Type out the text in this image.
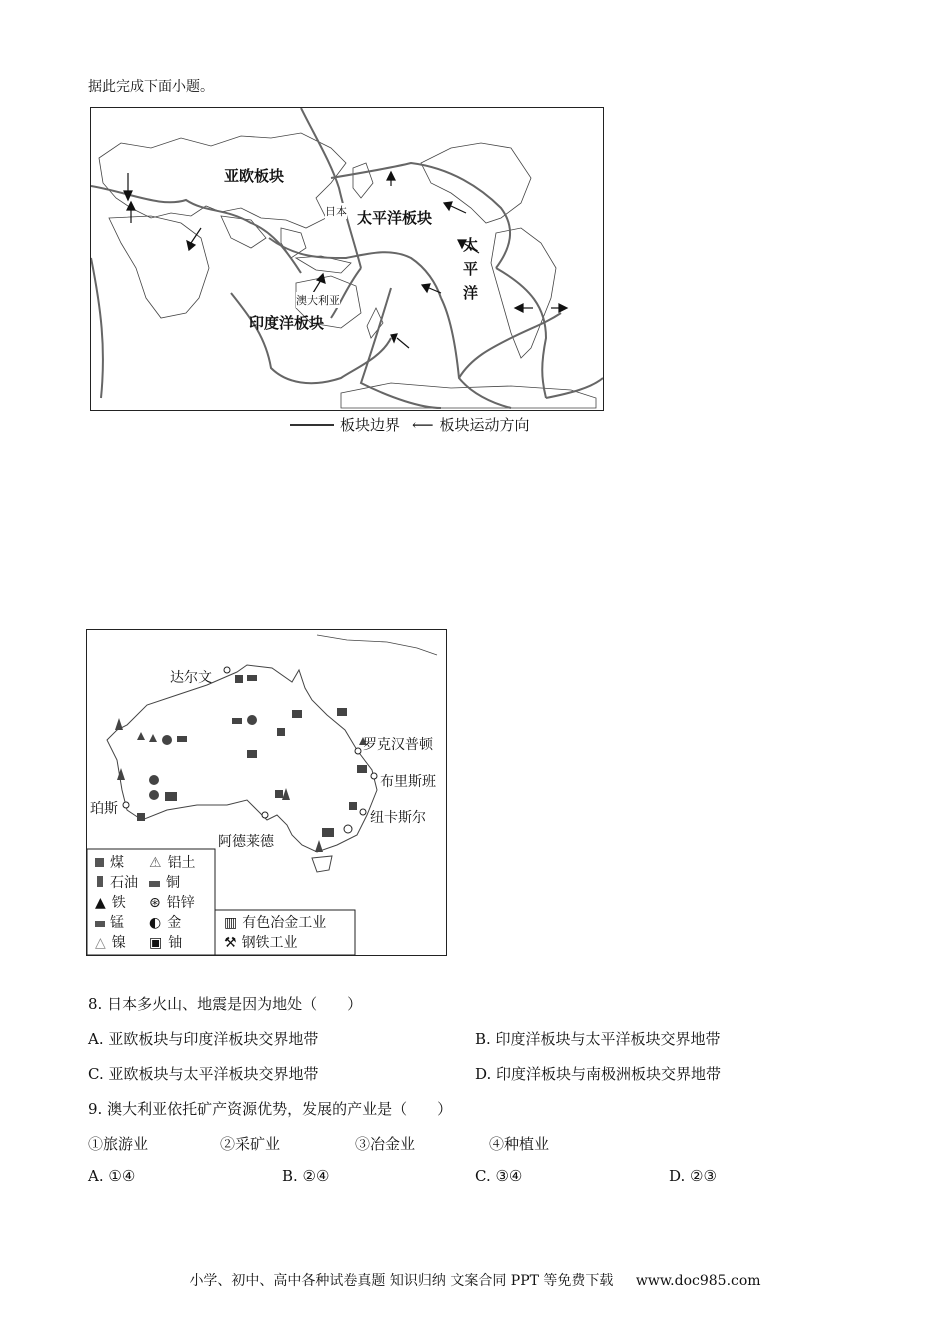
据此完成下面小题。
亚欧板块
太平洋板块
印度洋板块
日本
澳大利亚
太
平
洋
板块边界 ⟵ 板块运动方向
达尔文
罗克汉普顿
布里斯班
珀斯
纽卡斯尔
阿德莱德
煤
石油
▲ 铁
锰
△ 镍
⚠ 铝土
铜
⊛ 铅锌
◐ 金
▣ 铀
▥ 有色冶金工业
⚒ 钢铁工业
8. 日本多火山、地震是因为地处（　　）
A. 亚欧板块与印度洋板块交界地带	B. 印度洋板块与太平洋板块交界地带
C. 亚欧板块与太平洋板块交界地带	D. 印度洋板块与南极洲板块交界地带
9. 澳大利亚依托矿产资源优势，发展的产业是（　　）
①旅游业	②采矿业	③冶金业	④种植业
A. ①④	B. ②④	C. ③④	D. ②③
小学、初中、高中各种试卷真题 知识归纳 文案合同 PPT 等免费下载 www.doc985.com
